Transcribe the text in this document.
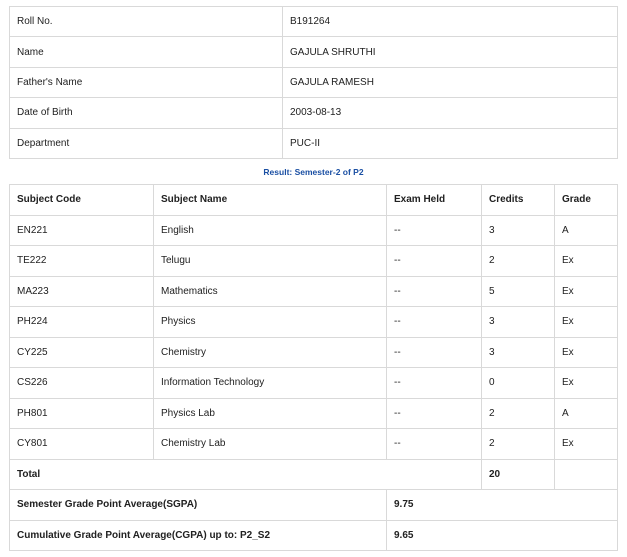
Roll No.	B191264
Name	GAJULA SHRUTHI
Father's Name	GAJULA RAMESH
Date of Birth	2003-08-13
Department	PUC-II
Result: Semester-2 of P2
Subject Code	Subject Name	Exam Held	Credits	Grade
EN221	English	--	3	A
TE222	Telugu	--	2	Ex
MA223	Mathematics	--	5	Ex
PH224	Physics	--	3	Ex
CY225	Chemistry	--	3	Ex
CS226	Information Technology	--	0	Ex
PH801	Physics Lab	--	2	A
CY801	Chemistry Lab	--	2	Ex
Total			20	
Semester Grade Point Average(SGPA)		9.75		
Cumulative Grade Point Average(CGPA) up to: P2_S2		9.65		
